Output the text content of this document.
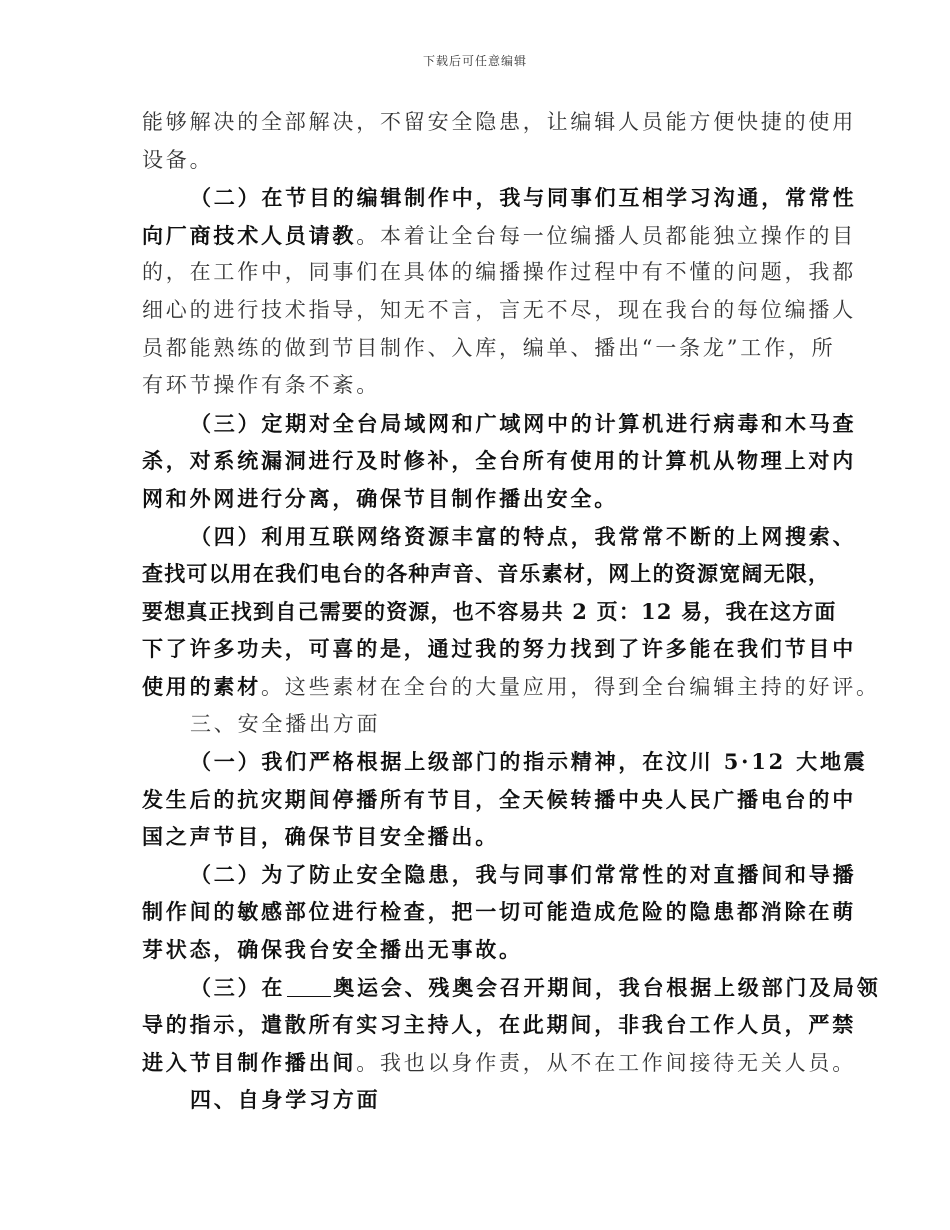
下载后可任意编辑
能够解决的全部解决，不留安全隐患，让编辑人员能方便快捷的使用
设备。
（二）在节目的编辑制作中，我与同事们互相学习沟通，常常性
向厂商技术人员请教。本着让全台每一位编播人员都能独立操作的目
的，在工作中，同事们在具体的编播操作过程中有不懂的问题，我都
细心的进行技术指导，知无不言，言无不尽，现在我台的每位编播人
员都能熟练的做到节目制作、入库，编单、播出“一条龙”工作，所
有环节操作有条不紊。
（三）定期对全台局域网和广域网中的计算机进行病毒和木马查
杀，对系统漏洞进行及时修补，全台所有使用的计算机从物理上对内
网和外网进行分离，确保节目制作播出安全。
（四）利用互联网络资源丰富的特点，我常常不断的上网搜索、
查找可以用在我们电台的各种声音、音乐素材，网上的资源宽阔无限，
要想真正找到自己需要的资源，也不容易共 2 页：12 易，我在这方面
下了许多功夫，可喜的是，通过我的努力找到了许多能在我们节目中
使用的素材。这些素材在全台的大量应用，得到全台编辑主持的好评。
三、安全播出方面
（一）我们严格根据上级部门的指示精神，在汶川 5·12 大地震
发生后的抗灾期间停播所有节目，全天候转播中央人民广播电台的中
国之声节目，确保节目安全播出。
（二）为了防止安全隐患，我与同事们常常性的对直播间和导播
制作间的敏感部位进行检查，把一切可能造成危险的隐患都消除在萌
芽状态，确保我台安全播出无事故。
（三）在 奥运会、残奥会召开期间，我台根据上级部门及局领
导的指示，遣散所有实习主持人，在此期间，非我台工作人员，严禁
进入节目制作播出间。我也以身作责，从不在工作间接待无关人员。
四、自身学习方面
